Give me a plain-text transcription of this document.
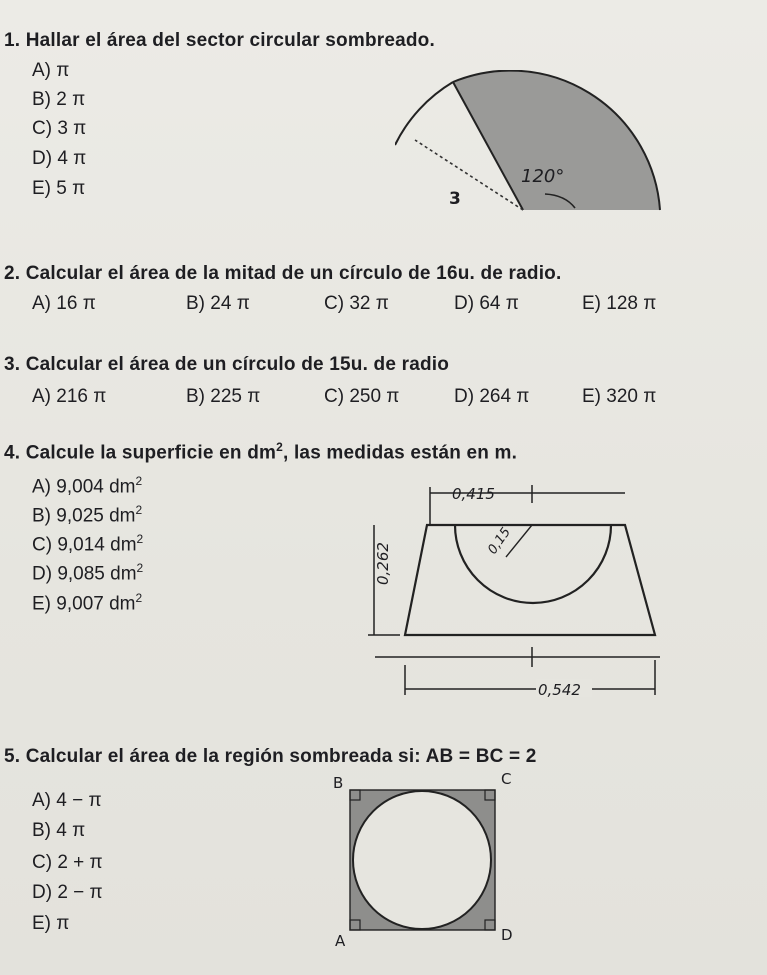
1. Hallar el área del sector circular sombreado.
A) π
B) 2 π
C) 3 π
D) 4 π
E) 5 π
120°
3
2. Calcular el área de la mitad de un círculo de 16u. de radio.
A) 16 π	B) 24 π	C) 32 π	D) 64 π	E) 128 π
3. Calcular el área de un círculo de 15u. de radio
A) 216 π	B) 225 π	C) 250 π	D) 264 π	E) 320 π
4. Calcule la superficie en $dm^2$, las medidas están en m.
A) 9,004 $dm^2$
B) 9,025 $dm^2$
C) 9,014 $dm^2$
D) 9,085 $dm^2$
E) 9,007 $dm^2$
0,415
0,15
0,262
0,542
5. Calcular el área de la región sombreada si: AB = BC = 2
A) 4 − π
B) 4 π
C) 2 + π
D) 2 − π
E) π
B	C
A	D
